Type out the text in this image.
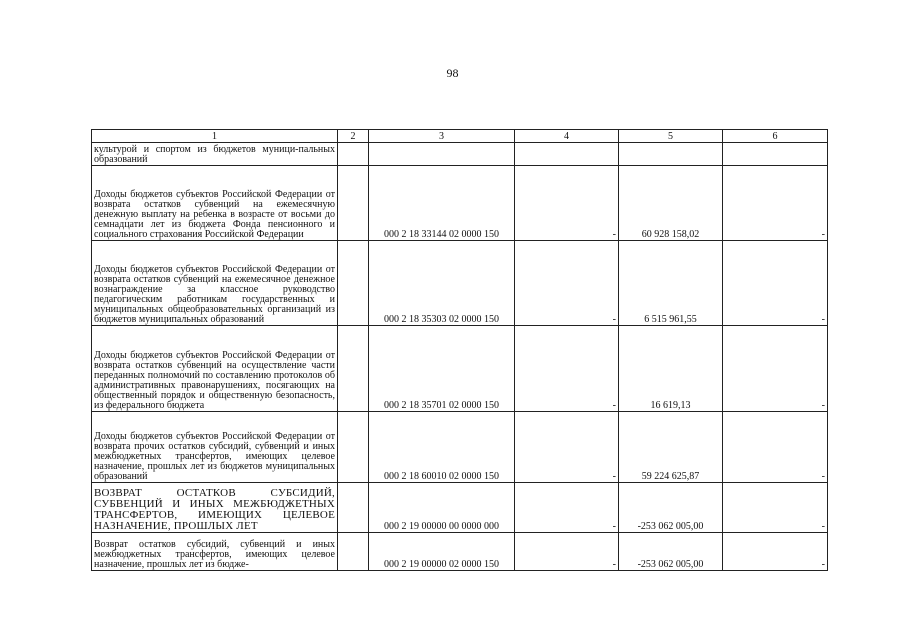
98
1	2	3	4	5	6
культурой и спортом из бюджетов муници-пальных образований					
Доходы бюджетов субъектов Российской Федерации от возврата остатков субвенций на ежемесячную денежную выплату на ребенка в возрасте от восьми до семнадцати лет из бюджета Фонда пенсионного и социального страхования Российской Федерации		000 2 18 33144 02 0000 150	-	60 928 158,02	-
Доходы бюджетов субъектов Российской Федерации от возврата остатков субвенций на ежемесячное денежное вознаграждение за классное руководство педагогическим работникам государственных и муниципальных общеобразовательных организаций из бюджетов муниципальных образований		000 2 18 35303 02 0000 150	-	6 515 961,55	-
Доходы бюджетов субъектов Российской Федерации от возврата остатков субвенций на осуществление части переданных полномочий по составлению протоколов об административных правонарушениях, посягающих на общественный порядок и общественную безопасность, из федерального бюджета		000 2 18 35701 02 0000 150	-	16 619,13	-
Доходы бюджетов субъектов Российской Федерации от возврата прочих остатков субсидий, субвенций и иных межбюджетных трансфертов, имеющих целевое назначение, прошлых лет из бюджетов муниципальных образований		000 2 18 60010 02 0000 150	-	59 224 625,87	-
ВОЗВРАТ ОСТАТКОВ СУБСИДИЙ, СУБВЕНЦИЙ И ИНЫХ МЕЖБЮДЖЕТНЫХ ТРАНСФЕРТОВ, ИМЕЮЩИХ ЦЕЛЕВОЕ НАЗНАЧЕНИЕ, ПРОШЛЫХ ЛЕТ		000 2 19 00000 00 0000 000	-	-253 062 005,00	-
Возврат остатков субсидий, субвенций и иных межбюджетных трансфертов, имеющих целевое назначение, прошлых лет из бюдже-		000 2 19 00000 02 0000 150	-	-253 062 005,00	-
